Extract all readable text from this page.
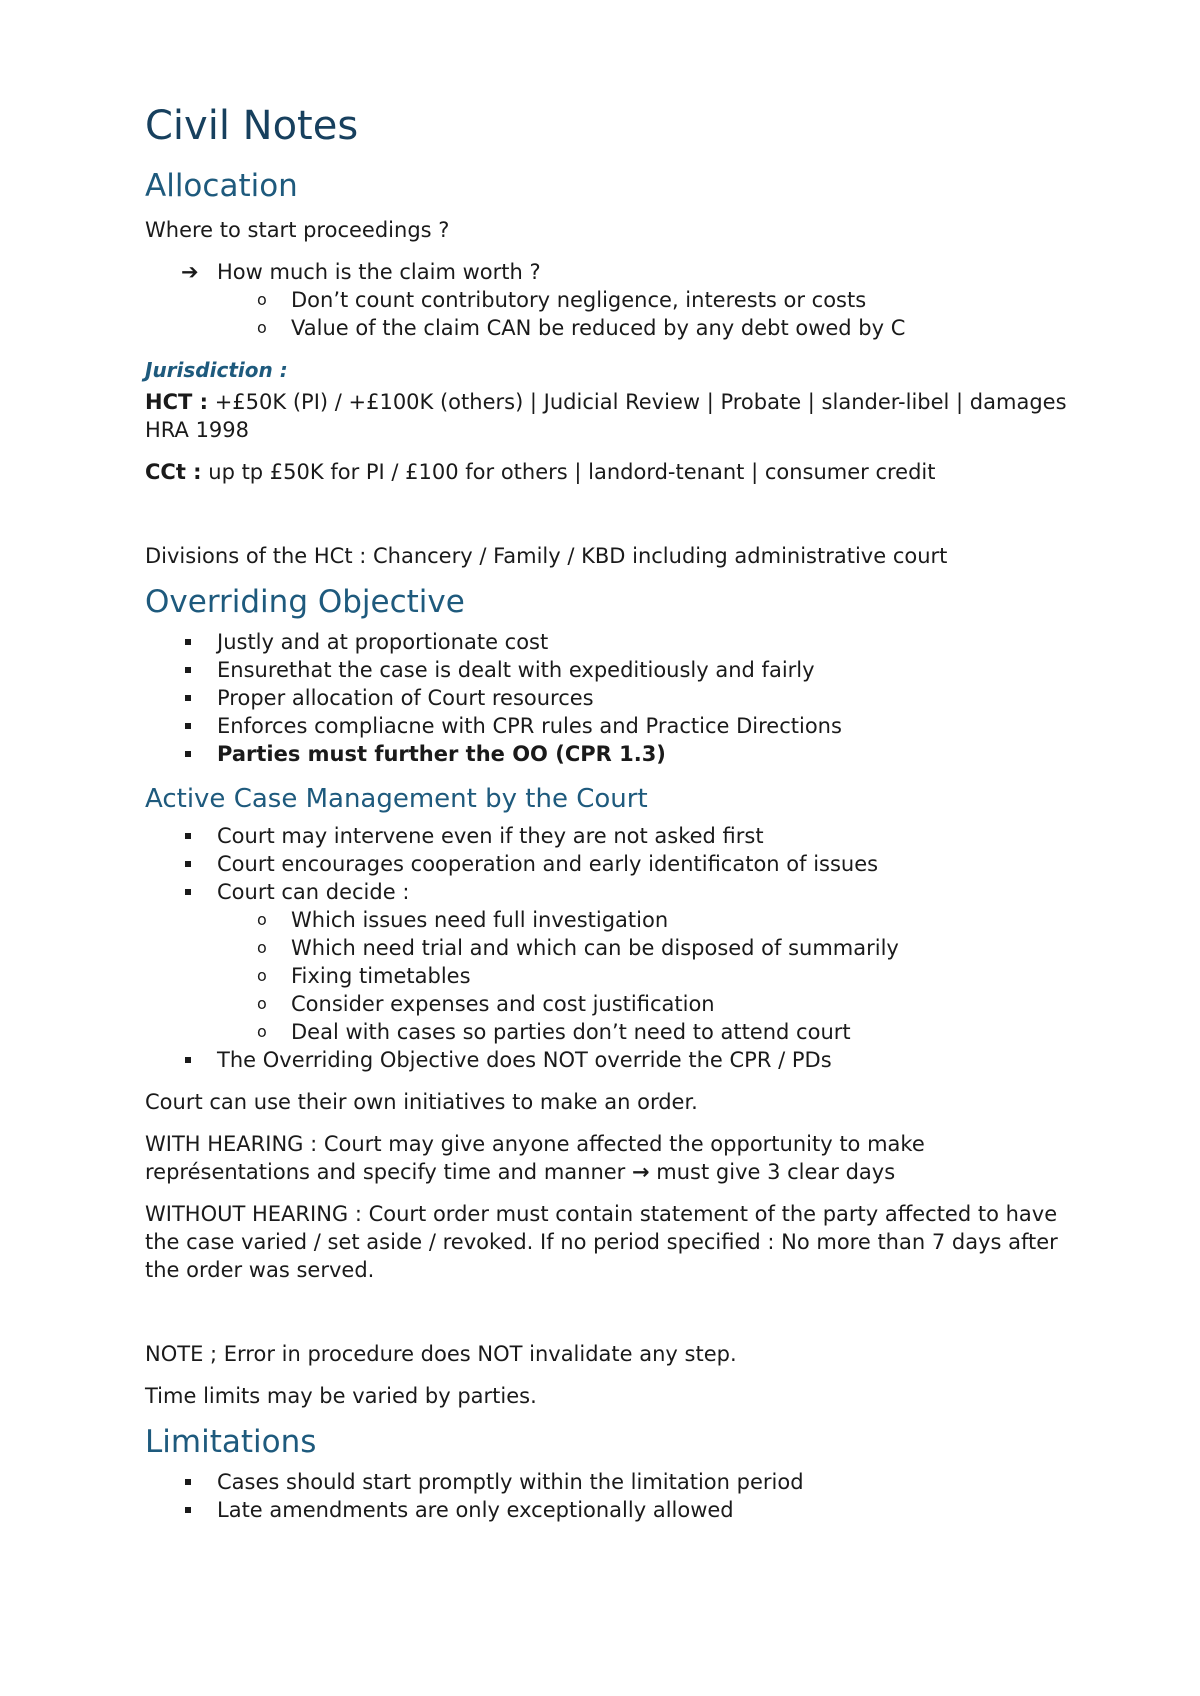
Civil Notes
Allocation

Where to start proceedings ?

➔ How much is the claim worth ?
o Don’t count contributory negligence, interests or costs
o Value of the claim CAN be reduced by any debt owed by C
Jurisdiction :

HCT : +£50K (PI) / +£100K (others) | Judicial Review | Probate | slander-libel | damages HRA 1998

CCt : up tp £50K for PI / £100 for others | landord-tenant | consumer credit

Divisions of the HCt : Chancery / Family / KBD including administrative court

Overriding Objective
Justly and at proportionate cost
Ensurethat the case is dealt with expeditiously and fairly
Proper allocation of Court resources
Enforces compliacne with CPR rules and Practice Directions
Parties must further the OO (CPR 1.3)
Active Case Management by the Court
Court may intervene even if they are not asked first
Court encourages cooperation and early identificaton of issues
Court can decide :
o Which issues need full investigation
o Which need trial and which can be disposed of summarily
o Fixing timetables
o Consider expenses and cost justification
o Deal with cases so parties don’t need to attend court
The Overriding Objective does NOT override the CPR / PDs

Court can use their own initiatives to make an order.

WITH HEARING : Court may give anyone affected the opportunity to make représentations and specify time and manner → must give 3 clear days

WITHOUT HEARING : Court order must contain statement of the party affected to have the case varied / set aside / revoked. If no period specified : No more than 7 days after the order was served.

NOTE ; Error in procedure does NOT invalidate any step.

Time limits may be varied by parties.

Limitations
Cases should start promptly within the limitation period
Late amendments are only exceptionally allowed
